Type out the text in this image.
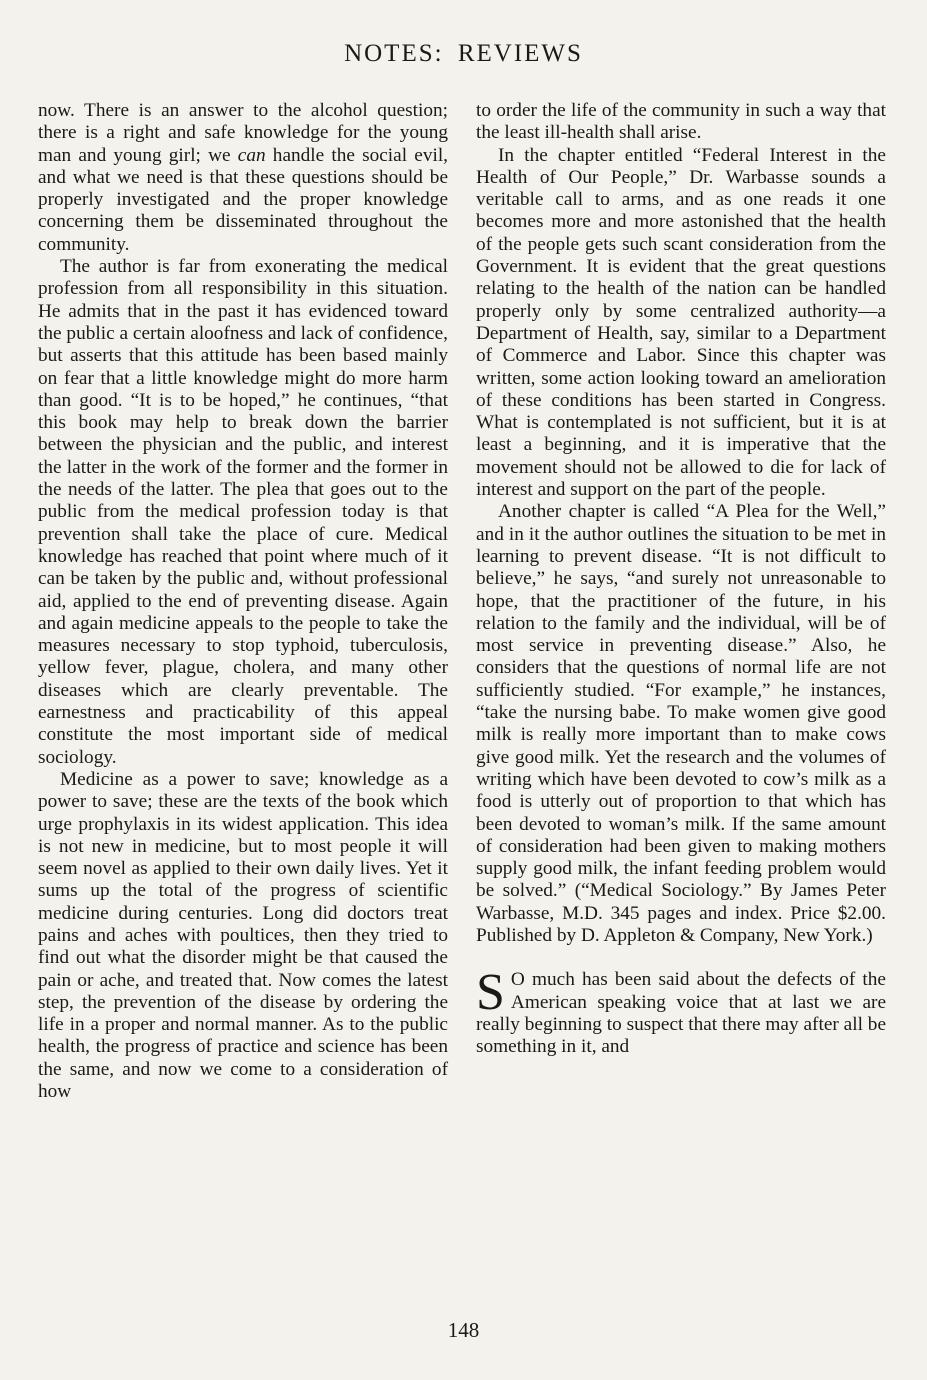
NOTES: REVIEWS

now. There is an answer to the alcohol question; there is a right and safe knowledge for the young man and young girl; we can handle the social evil, and what we need is that these questions should be properly investigated and the proper knowledge concerning them be disseminated throughout the community.

The author is far from exonerating the medical profession from all responsibility in this situation. He admits that in the past it has evidenced toward the public a certain aloofness and lack of confidence, but asserts that this attitude has been based mainly on fear that a little knowledge might do more harm than good. “It is to be hoped,” he continues, “that this book may help to break down the barrier between the physician and the public, and interest the latter in the work of the former and the former in the needs of the latter. The plea that goes out to the public from the medical profession today is that prevention shall take the place of cure. Medical knowledge has reached that point where much of it can be taken by the public and, without professional aid, applied to the end of preventing disease. Again and again medicine appeals to the people to take the measures necessary to stop typhoid, tuberculosis, yellow fever, plague, cholera, and many other diseases which are clearly preventable. The earnestness and practicability of this appeal constitute the most important side of medical sociology.

Medicine as a power to save; knowledge as a power to save; these are the texts of the book which urge prophylaxis in its widest application. This idea is not new in medicine, but to most people it will seem novel as applied to their own daily lives. Yet it sums up the total of the progress of scientific medicine during centuries. Long did doctors treat pains and aches with poultices, then they tried to find out what the disorder might be that caused the pain or ache, and treated that. Now comes the latest step, the prevention of the disease by ordering the life in a proper and normal manner. As to the public health, the progress of practice and science has been the same, and now we come to a consideration of how

to order the life of the community in such a way that the least ill-health shall arise.

In the chapter entitled “Federal Interest in the Health of Our People,” Dr. Warbasse sounds a veritable call to arms, and as one reads it one becomes more and more astonished that the health of the people gets such scant consideration from the Government. It is evident that the great questions relating to the health of the nation can be handled properly only by some centralized authority—a Department of Health, say, similar to a Department of Commerce and Labor. Since this chapter was written, some action looking toward an amelioration of these conditions has been started in Congress. What is contemplated is not sufficient, but it is at least a beginning, and it is imperative that the movement should not be allowed to die for lack of interest and support on the part of the people.

Another chapter is called “A Plea for the Well,” and in it the author outlines the situation to be met in learning to prevent disease. “It is not difficult to believe,” he says, “and surely not unreasonable to hope, that the practitioner of the future, in his relation to the family and the individual, will be of most service in preventing disease.” Also, he considers that the questions of normal life are not sufficiently studied. “For example,” he instances, “take the nursing babe. To make women give good milk is really more important than to make cows give good milk. Yet the research and the volumes of writing which have been devoted to cow’s milk as a food is utterly out of proportion to that which has been devoted to woman’s milk. If the same amount of consideration had been given to making mothers supply good milk, the infant feeding problem would be solved.” (“Medical Sociology.” By James Peter Warbasse, M.D. 345 pages and index. Price $2.00. Published by D. Appleton & Company, New York.)

S O much has been said about the defects of the American speaking voice that at last we are really beginning to suspect that there may after all be something in it, and

148
